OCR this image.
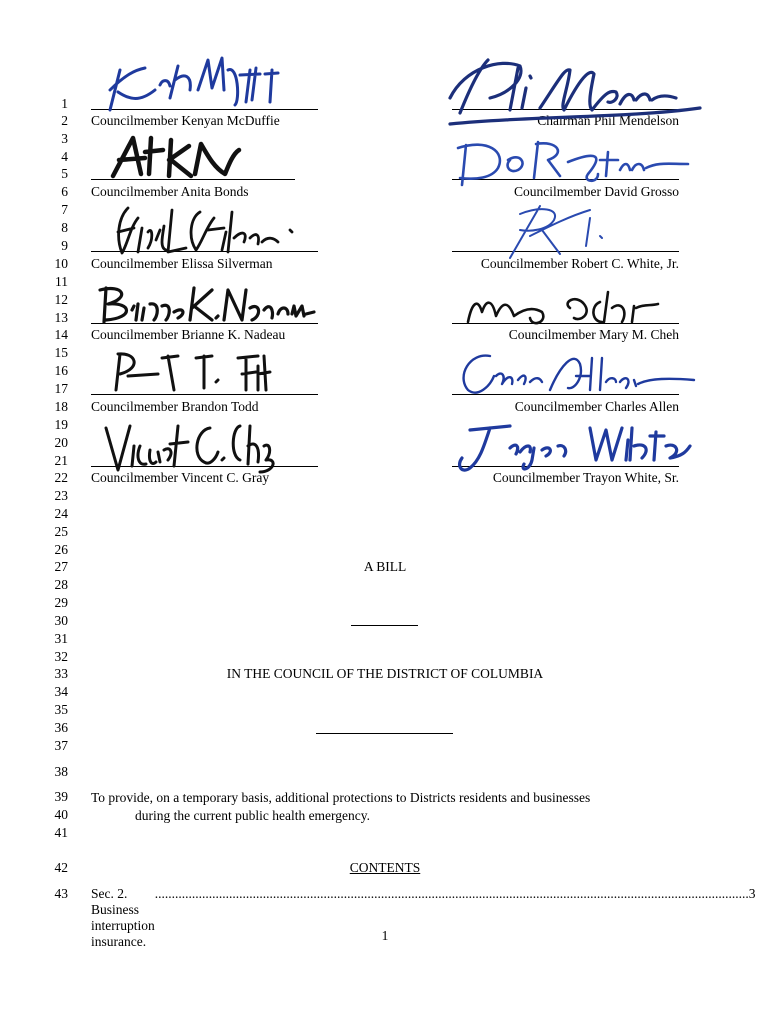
1
2
3
4
5
6
7
8
9
10
11
12
13
14
15
16
17
18
19
20
21
22
23
24
25
26
27
28
29
30
31
32
33
34
35
36
37
38
39
40
41
42
43
Councilmember Kenyan McDuffie
Councilmember Anita Bonds
Councilmember Elissa Silverman
Councilmember Brianne K. Nadeau
Councilmember Brandon Todd
Councilmember Vincent C. Gray
Chairman Phil Mendelson
Councilmember David Grosso
Councilmember Robert C. White, Jr.
Councilmember Mary M. Cheh
Councilmember Charles Allen
Councilmember Trayon White, Sr.
A BILL
IN THE COUNCIL OF THE DISTRICT OF COLUMBIA
To provide, on a temporary basis, additional protections to Districts residents and businesses
during the current public health emergency.
CONTENTS
Sec. 2. Business interruption insurance.
................................................................................................................................................................................ 3
1
